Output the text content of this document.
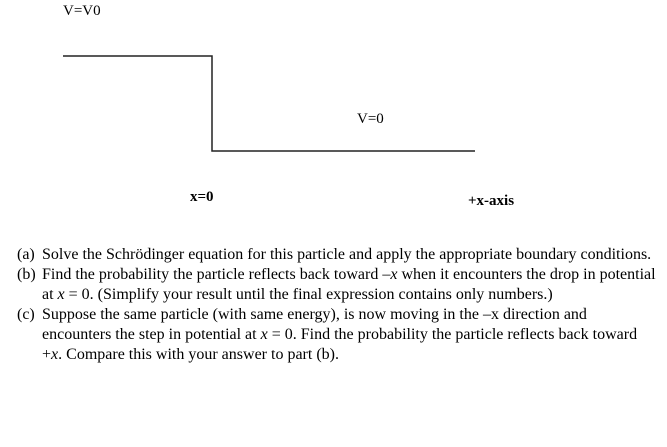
V=V0
V=0
x=0	+x-axis
(a) Solve the Schrödinger equation for this particle and apply the appropriate boundary conditions.
(b) Find the probability the particle reflects back toward –x when it encounters the drop in potential at x = 0. (Simplify your result until the final expression contains only numbers.)
(c) Suppose the same particle (with same energy), is now moving in the –x direction and encounters the step in potential at x = 0. Find the probability the particle reflects back toward +x. Compare this with your answer to part (b).
